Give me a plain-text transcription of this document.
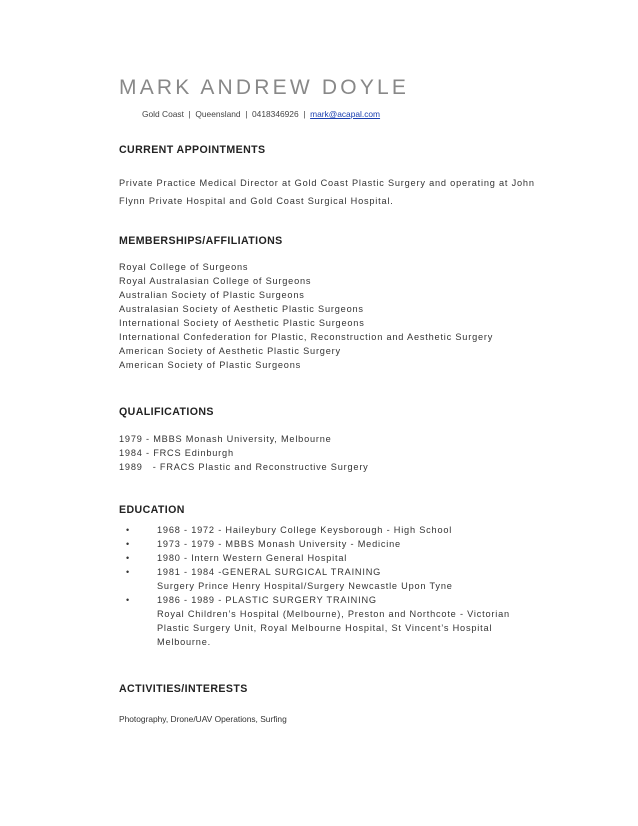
MARK ANDREW DOYLE
Gold Coast  |  Queensland  |  0418346926  |  mark@acapal.com
CURRENT APPOINTMENTS

Private Practice Medical Director at Gold Coast Plastic Surgery and operating at John
Flynn Private Hospital and Gold Coast Surgical Hospital.

MEMBERSHIPS/AFFILIATIONS
Royal College of Surgeons
Royal Australasian College of Surgeons
Australian Society of Plastic Surgeons
Australasian Society of Aesthetic Plastic Surgeons
International Society of Aesthetic Plastic Surgeons
International Confederation for Plastic, Reconstruction and Aesthetic Surgery
American Society of Aesthetic Plastic Surgery
American Society of Plastic Surgeons
QUALIFICATIONS
1979 - MBBS Monash University, Melbourne
1984 - FRCS Edinburgh
1989   - FRACS Plastic and Reconstructive Surgery
EDUCATION
•	1968 - 1972 - Haileybury College Keysborough - High School
•	1973 - 1979 - MBBS Monash University - Medicine
•	1980 - Intern Western General Hospital
•	1981 - 1984 -GENERAL SURGICAL TRAINING
Surgery Prince Henry Hospital/Surgery Newcastle Upon Tyne
•	1986 - 1989 - PLASTIC SURGERY TRAINING
Royal Children’s Hospital (Melbourne), Preston and Northcote - Victorian
Plastic Surgery Unit, Royal Melbourne Hospital, St Vincent’s Hospital
Melbourne.
ACTIVITIES/INTERESTS
Photography, Drone/UAV Operations, Surfing
